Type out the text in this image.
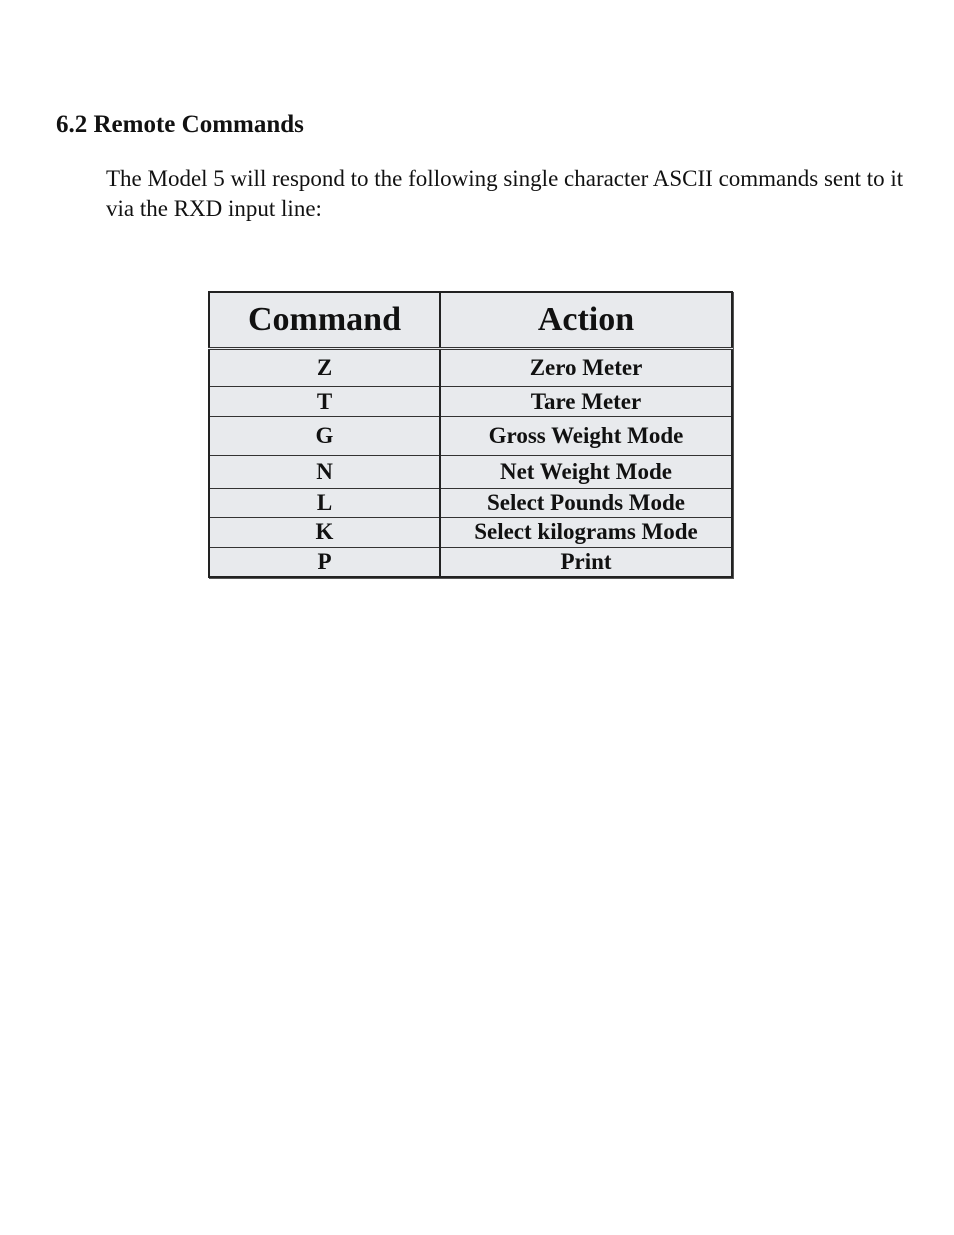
6.2 Remote Commands

The Model 5 will respond to the following single character ASCII commands sent to it via the RXD input line:

Command	Action
Z	Zero Meter
T	Tare Meter
G	Gross Weight Mode
N	Net Weight Mode
L	Select Pounds Mode
K	Select kilograms Mode
P	Print
